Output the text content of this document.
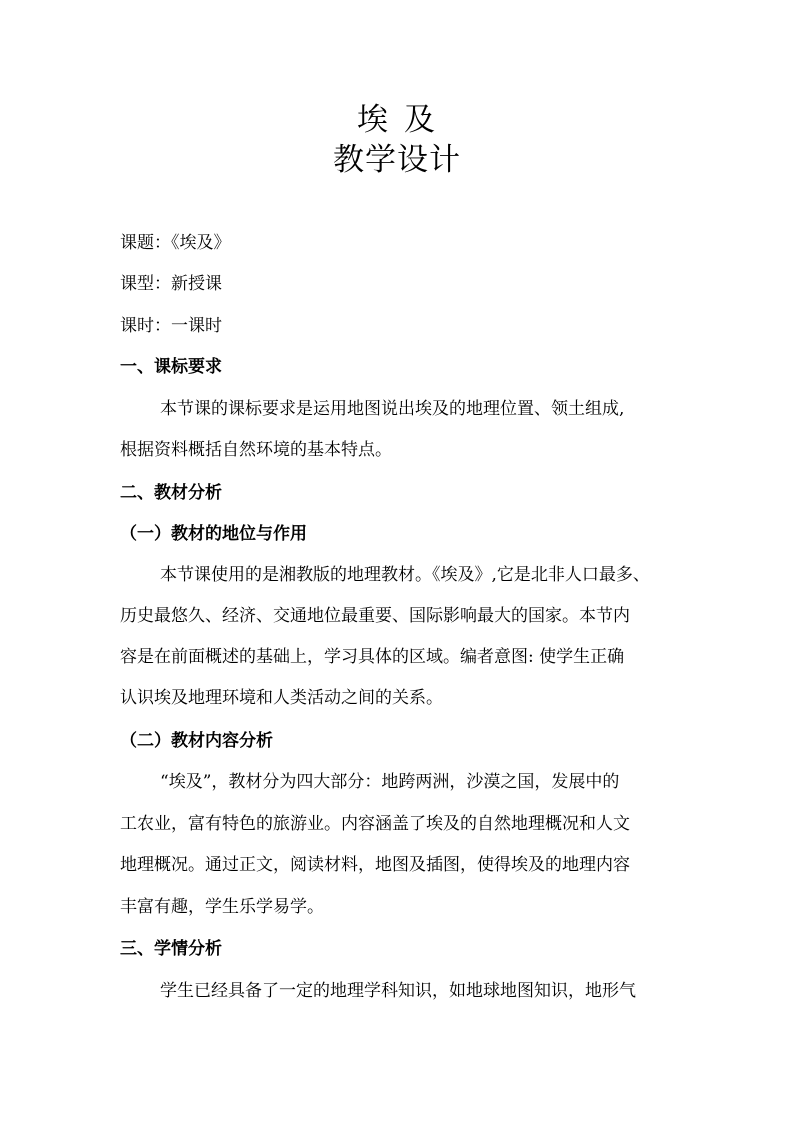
埃及
教学设计
课题：《埃及》
课型：新授课
课时：一课时
一、课标要求
本节课的课标要求是运用地图说出埃及的地理位置、领土组成,
根据资料概括自然环境的基本特点。
二、教材分析
（一）教材的地位与作用
本节课使用的是湘教版的地理教材。《埃及》,它是北非人口最多、
历史最悠久、经济、交通地位最重要、国际影响最大的国家。本节内
容是在前面概述的基础上，学习具体的区域。编者意图: 使学生正确
认识埃及地理环境和人类活动之间的关系。
（二）教材内容分析
“埃及”，教材分为四大部分：地跨两洲，沙漠之国，发展中的
工农业，富有特色的旅游业。内容涵盖了埃及的自然地理概况和人文
地理概况。通过正文，阅读材料，地图及插图，使得埃及的地理内容
丰富有趣，学生乐学易学。
三、学情分析
学生已经具备了一定的地理学科知识，如地球地图知识，地形气
